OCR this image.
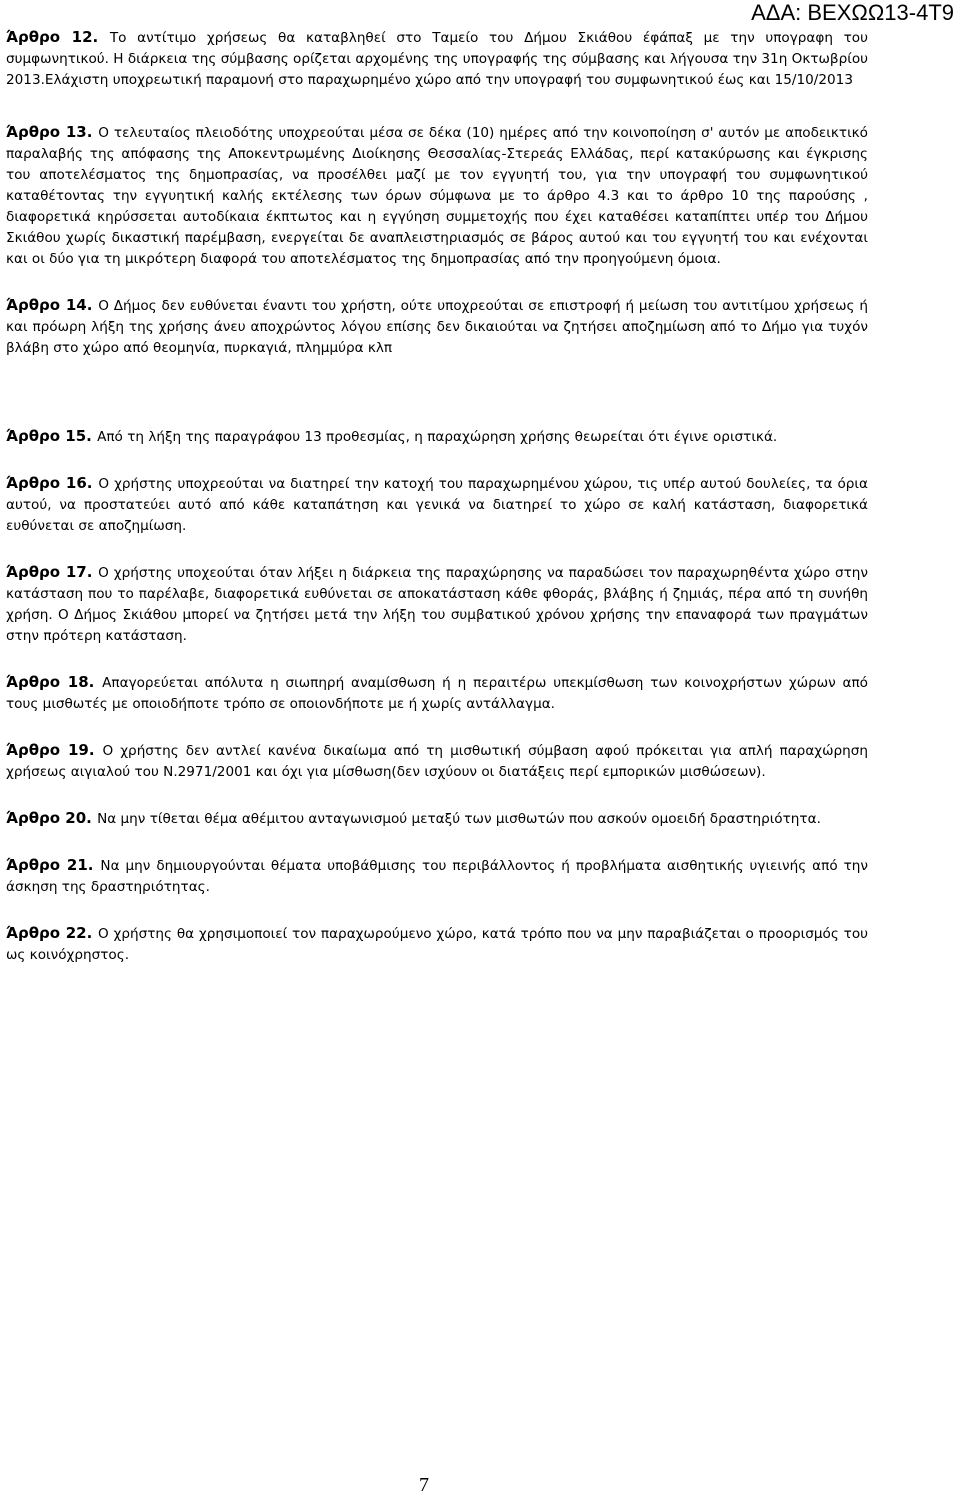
ΑΔΑ: ΒΕΧΩΩ13-4Τ9

Άρθρο 12. Το αντίτιμο χρήσεως θα καταβληθεί στο Ταμείο του Δήμου Σκιάθου έφάπαξ με την υπογραφη του συμφωνητικού. Η διάρκεια της σύμβασης ορίζεται αρχομένης της υπογραφής της σύμβασης και λήγουσα την 31η Οκτωβρίου 2013.Ελάχιστη υποχρεωτική παραμονή στο παραχωρημένο χώρο από την υπογραφή του συμφωνητικού έως και 15/10/2013

Άρθρο 13. Ο τελευταίος πλειοδότης υποχρεούται μέσα σε δέκα (10) ημέρες από την κοινοποίηση σ' αυτόν με αποδεικτικό παραλαβής της απόφασης της Αποκεντρωμένης Διοίκησης Θεσσαλίας-Στερεάς Ελλάδας, περί κατακύρωσης και έγκρισης του αποτελέσματος της δημοπρασίας, να προσέλθει μαζί με τον εγγυητή του, για την υπογραφή του συμφωνητικού καταθέτοντας την εγγυητική καλής εκτέλεσης των όρων σύμφωνα με το άρθρο 4.3 και το άρθρο 10 της παρούσης , διαφορετικά κηρύσσεται αυτοδίκαια έκπτωτος και η εγγύηση συμμετοχής που έχει καταθέσει καταπίπτει υπέρ του Δήμου Σκιάθου χωρίς δικαστική παρέμβαση, ενεργείται δε αναπλειστηριασμός σε βάρος αυτού και του εγγυητή του και ενέχονται και οι δύο για τη μικρότερη διαφορά του αποτελέσματος της δημοπρασίας από την προηγούμενη όμοια.

Άρθρο 14. Ο Δήμος δεν ευθύνεται έναντι του χρήστη, ούτε υποχρεούται σε επιστροφή ή μείωση του αντιτίμου χρήσεως ή και πρόωρη λήξη της χρήσης άνευ αποχρώντος λόγου επίσης δεν δικαιούται να ζητήσει αποζημίωση από το Δήμο για τυχόν βλάβη στο χώρο από θεομηνία, πυρκαγιά, πλημμύρα κλπ

Άρθρο 15. Από τη λήξη της παραγράφου 13 προθεσμίας, η παραχώρηση χρήσης θεωρείται ότι έγινε οριστικά.

Άρθρο 16. Ο χρήστης υποχρεούται να διατηρεί την κατοχή του παραχωρημένου χώρου, τις υπέρ αυτού δουλείες, τα όρια αυτού, να προστατεύει αυτό από κάθε καταπάτηση και γενικά να διατηρεί το χώρο σε καλή κατάσταση, διαφορετικά ευθύνεται σε αποζημίωση.

Άρθρο 17. Ο χρήστης υποχεούται όταν λήξει η διάρκεια της παραχώρησης να παραδώσει τον παραχωρηθέντα χώρο στην κατάσταση που το παρέλαβε, διαφορετικά ευθύνεται σε αποκατάσταση κάθε φθοράς, βλάβης ή ζημιάς, πέρα από τη συνήθη χρήση. Ο Δήμος Σκιάθου μπορεί να ζητήσει μετά την λήξη του συμβατικού χρόνου χρήσης την επαναφορά των πραγμάτων στην πρότερη κατάσταση.

Άρθρο 18. Απαγορεύεται απόλυτα η σιωπηρή αναμίσθωση ή η περαιτέρω υπεκμίσθωση των κοινοχρήστων χώρων από τους μισθωτές με οποιοδήποτε τρόπο σε οποιονδήποτε με ή χωρίς αντάλλαγμα.

Άρθρο 19. Ο χρήστης δεν αντλεί κανένα δικαίωμα από τη μισθωτική σύμβαση αφού πρόκειται για απλή παραχώρηση χρήσεως αιγιαλού του Ν.2971/2001 και όχι για μίσθωση(δεν ισχύουν οι διατάξεις περί εμπορικών μισθώσεων).

Άρθρο 20. Να μην τίθεται θέμα αθέμιτου ανταγωνισμού μεταξύ των μισθωτών που ασκούν ομοειδή δραστηριότητα.

Άρθρο 21. Να μην δημιουργούνται θέματα υποβάθμισης του περιβάλλοντος ή προβλήματα αισθητικής υγιεινής από την άσκηση της δραστηριότητας.

Άρθρο 22. Ο χρήστης θα χρησιμοποιεί τον παραχωρούμενο χώρο, κατά τρόπο που να μην παραβιάζεται ο προορισμός του ως κοινόχρηστος.

7
